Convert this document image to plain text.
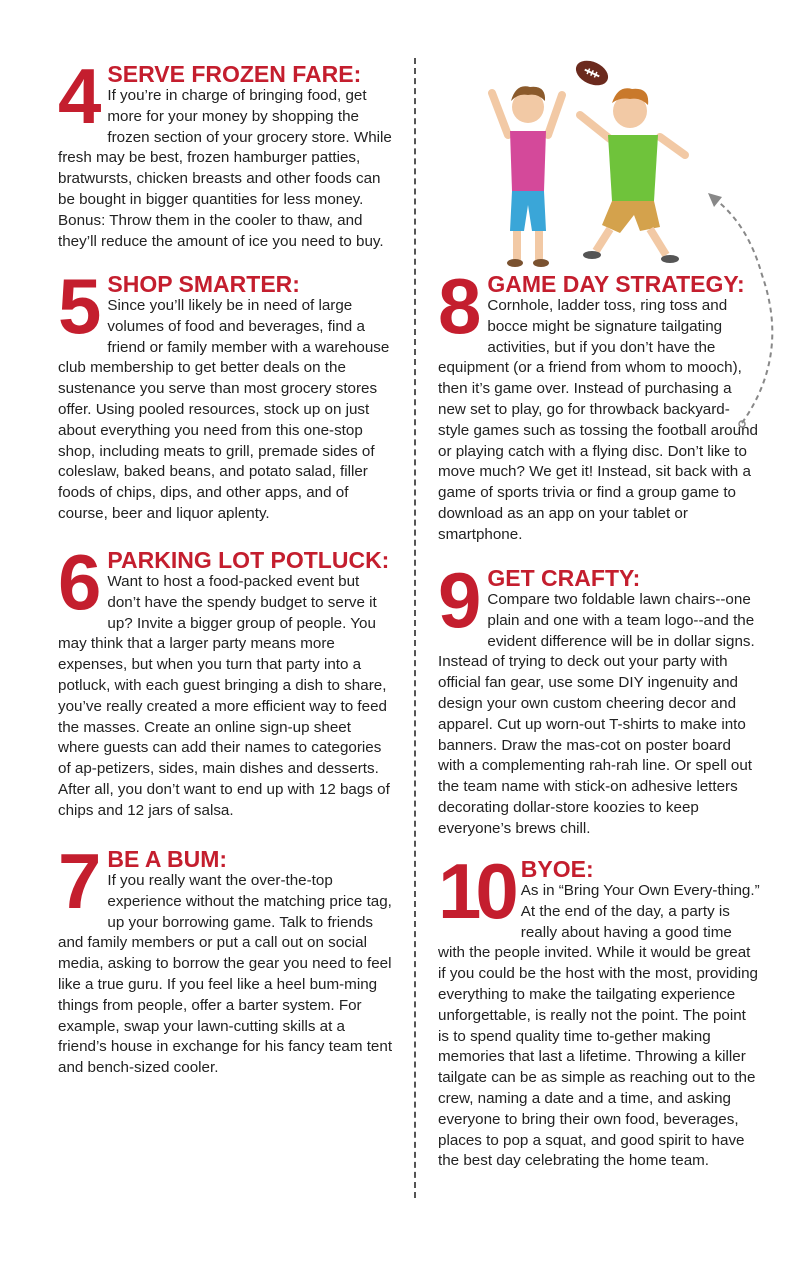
4 SERVE FROZEN FARE:

If you’re in charge of bringing food, get more for your money by shopping the frozen section of your grocery store. While fresh may be best, frozen hamburger patties, bratwursts, chicken breasts and other foods can be bought in bigger quantities for less money. Bonus: Throw them in the cooler to thaw, and they’ll reduce the amount of ice you need to buy.

5 SHOP SMARTER:

Since you’ll likely be in need of large volumes of food and beverages, find a friend or family member with a warehouse club membership to get better deals on the sustenance you serve than most grocery stores offer. Using pooled resources, stock up on just about everything you need from this one-stop shop, including meats to grill, premade sides of coleslaw, baked beans, and potato salad, filler foods of chips, dips, and other apps, and of course, beer and liquor aplenty.

6 PARKING LOT POTLUCK:

Want to host a food-packed event but don’t have the spendy budget to serve it up? Invite a bigger group of people. You may think that a larger party means more expenses, but when you turn that party into a potluck, with each guest bringing a dish to share, you’ve really created a more efficient way to feed the masses. Create an online sign-up sheet where guests can add their names to categories of ap-petizers, sides, main dishes and desserts. After all, you don’t want to end up with 12 bags of chips and 12 jars of salsa.

7 BE A BUM:

If you really want the over-the-top experience without the matching price tag, up your borrowing game. Talk to friends and family members or put a call out on social media, asking to borrow the gear you need to feel like a true guru. If you feel like a heel bum-ming things from people, offer a barter system. For example, swap your lawn-cutting skills at a friend’s house in exchange for his fancy team tent and bench-sized cooler.

8 GAME DAY STRATEGY:

Cornhole, ladder toss, ring toss and bocce might be signature tailgating activities, but if you don’t have the equipment (or a friend from whom to mooch), then it’s game over. Instead of purchasing a new set to play, go for throwback backyard-style games such as tossing the football around or playing catch with a flying disc. Don’t like to move much? We get it! Instead, sit back with a game of sports trivia or find a group game to download as an app on your tablet or smartphone.

9 GET CRAFTY:

Compare two foldable lawn chairs--one plain and one with a team logo--and the evident difference will be in dollar signs. Instead of trying to deck out your party with official fan gear, use some DIY ingenuity and design your own custom cheering decor and apparel. Cut up worn-out T-shirts to make into banners. Draw the mas-cot on poster board with a complementing rah-rah line. Or spell out the team name with stick-on adhesive letters decorating dollar-store koozies to keep everyone’s brews chill.

10 BYOE:

As in “Bring Your Own Every-thing.” At the end of the day, a party is really about having a good time with the people invited. While it would be great if you could be the host with the most, providing everything to make the tailgating experience unforgettable, is really not the point. The point is to spend quality time to-gether making memories that last a lifetime. Throwing a killer tailgate can be as simple as reaching out to the crew, naming a date and a time, and asking everyone to bring their own food, beverages, places to pop a squat, and good spirit to have the best day celebrating the home team.
